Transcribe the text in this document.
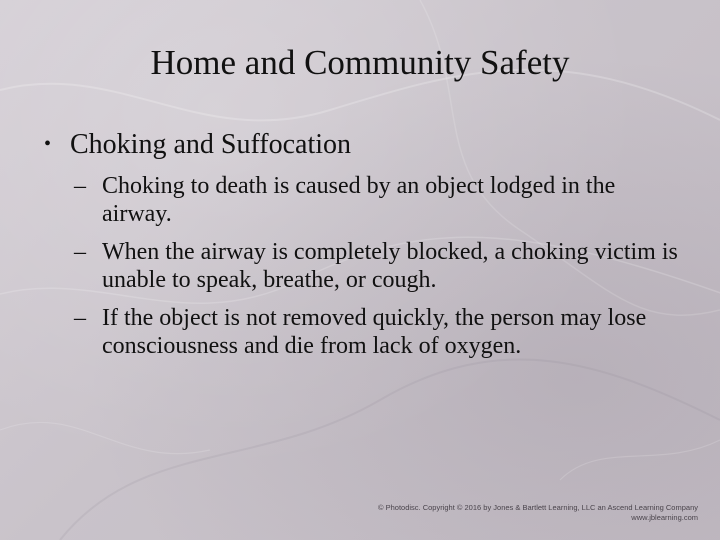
Home and Community Safety
• Choking and Suffocation
– Choking to death is caused by an object lodged in the airway.
– When the airway is completely blocked, a choking victim is unable to speak, breathe, or cough.
– If the object is not removed quickly, the person may lose consciousness and die from lack of oxygen.
© Photodisc. Copyright © 2016 by Jones & Bartlett Learning, LLC an Ascend Learning Company
www.jblearning.com
